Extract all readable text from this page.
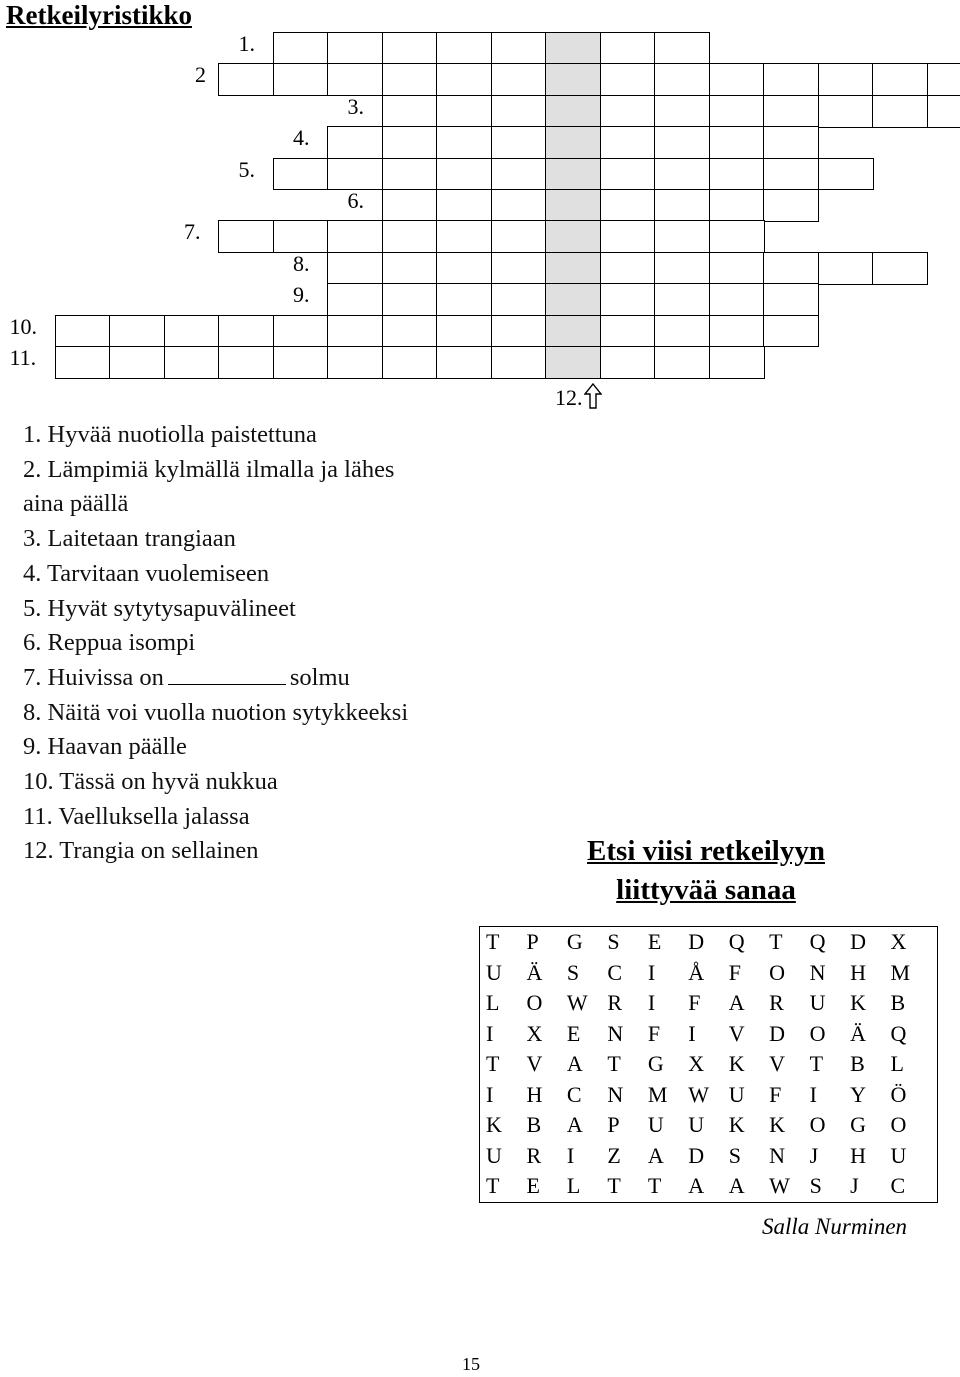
Retkeilyristikko
1.
2
3.
4.
5.
6.
7.
8.
9.
10.
11.
12.
1. Hyvää nuotiolla paistettuna
2. Lämpimiä kylmällä ilmalla ja lähes
aina päällä
3. Laitetaan trangiaan
4. Tarvitaan vuolemiseen
5. Hyvät sytytysapuvälineet
6. Reppua isompi
7. Huivissa on	solmu
8. Näitä voi vuolla nuotion sytykkeeksi
9. Haavan päälle
10. Tässä on hyvä nukkua
11. Vaelluksella jalassa
12. Trangia on sellainen	Etsi viisi retkeilyyn
liittyvää sanaa
T	P	G	S	E	D	Q	T	Q	D	X
U	Ä	S	C	I	Å	F	O	N	H	M
L	O	W	R	I	F	A	R	U	K	B
I	X	E	N	F	I	V	D	O	Ä	Q
T	V	A	T	G	X	K	V	T	B	L
I	H	C	N	M	W	U	F	I	Y	Ö
K	B	A	P	U	U	K	K	O	G	O
U	R	I	Z	A	D	S	N	J	H	U
T	E	L	T	T	A	A	W	S	J	C
Salla Nurminen
15
